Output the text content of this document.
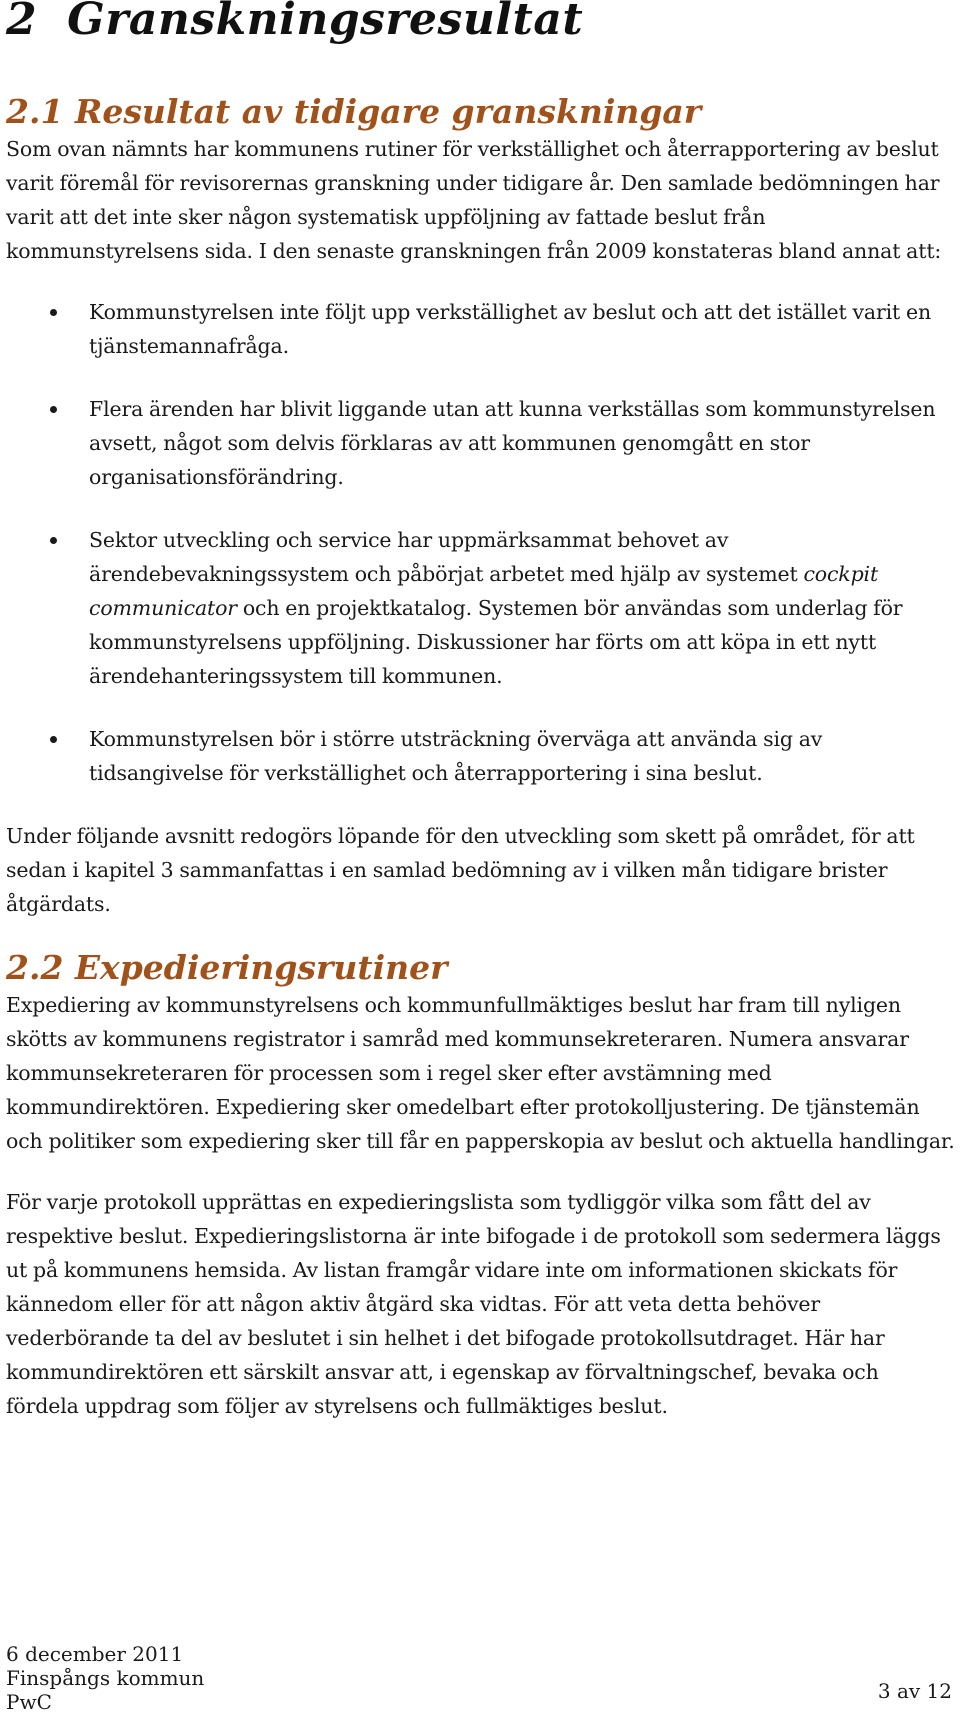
2 Granskningsresultat
2.1 Resultat av tidigare granskningar

Som ovan nämnts har kommunens rutiner för verkställighet och återrapportering av beslut varit föremål för revisorernas granskning under tidigare år. Den samlade bedömningen har varit att det inte sker någon systematisk uppföljning av fattade beslut från kommunstyrelsens sida. I den senaste granskningen från 2009 konstateras bland annat att:

Kommunstyrelsen inte följt upp verkställighet av beslut och att det istället varit en tjänstemannafråga.
Flera ärenden har blivit liggande utan att kunna verkställas som kommunstyrelsen avsett, något som delvis förklaras av att kommunen genomgått en stor organisationsförändring.
Sektor utveckling och service har uppmärksammat behovet av ärendebevakningssystem och påbörjat arbetet med hjälp av systemet cockpit communicator och en projektkatalog. Systemen bör användas som underlag för kommunstyrelsens uppföljning. Diskussioner har förts om att köpa in ett nytt ärendehanteringssystem till kommunen.
Kommunstyrelsen bör i större utsträckning överväga att använda sig av tidsangivelse för verkställighet och återrapportering i sina beslut.

Under följande avsnitt redogörs löpande för den utveckling som skett på området, för att sedan i kapitel 3 sammanfattas i en samlad bedömning av i vilken mån tidigare brister åtgärdats.

2.2 Expedieringsrutiner

Expediering av kommunstyrelsens och kommunfullmäktiges beslut har fram till nyligen skötts av kommunens registrator i samråd med kommunsekreteraren. Numera ansvarar kommunsekreteraren för processen som i regel sker efter avstämning med kommundirektören. Expediering sker omedelbart efter protokolljustering. De tjänstemän och politiker som expediering sker till får en papperskopia av beslut och aktuella handlingar.

För varje protokoll upprättas en expedieringslista som tydliggör vilka som fått del av respektive beslut. Expedieringslistorna är inte bifogade i de protokoll som sedermera läggs ut på kommunens hemsida. Av listan framgår vidare inte om informationen skickats för kännedom eller för att någon aktiv åtgärd ska vidtas. För att veta detta behöver vederbörande ta del av beslutet i sin helhet i det bifogade protokollsutdraget. Här har kommundirektören ett särskilt ansvar att, i egenskap av förvaltningschef, bevaka och fördela uppdrag som följer av styrelsens och fullmäktiges beslut.

6 december 2011
Finspångs kommun
PwC	3 av 12
